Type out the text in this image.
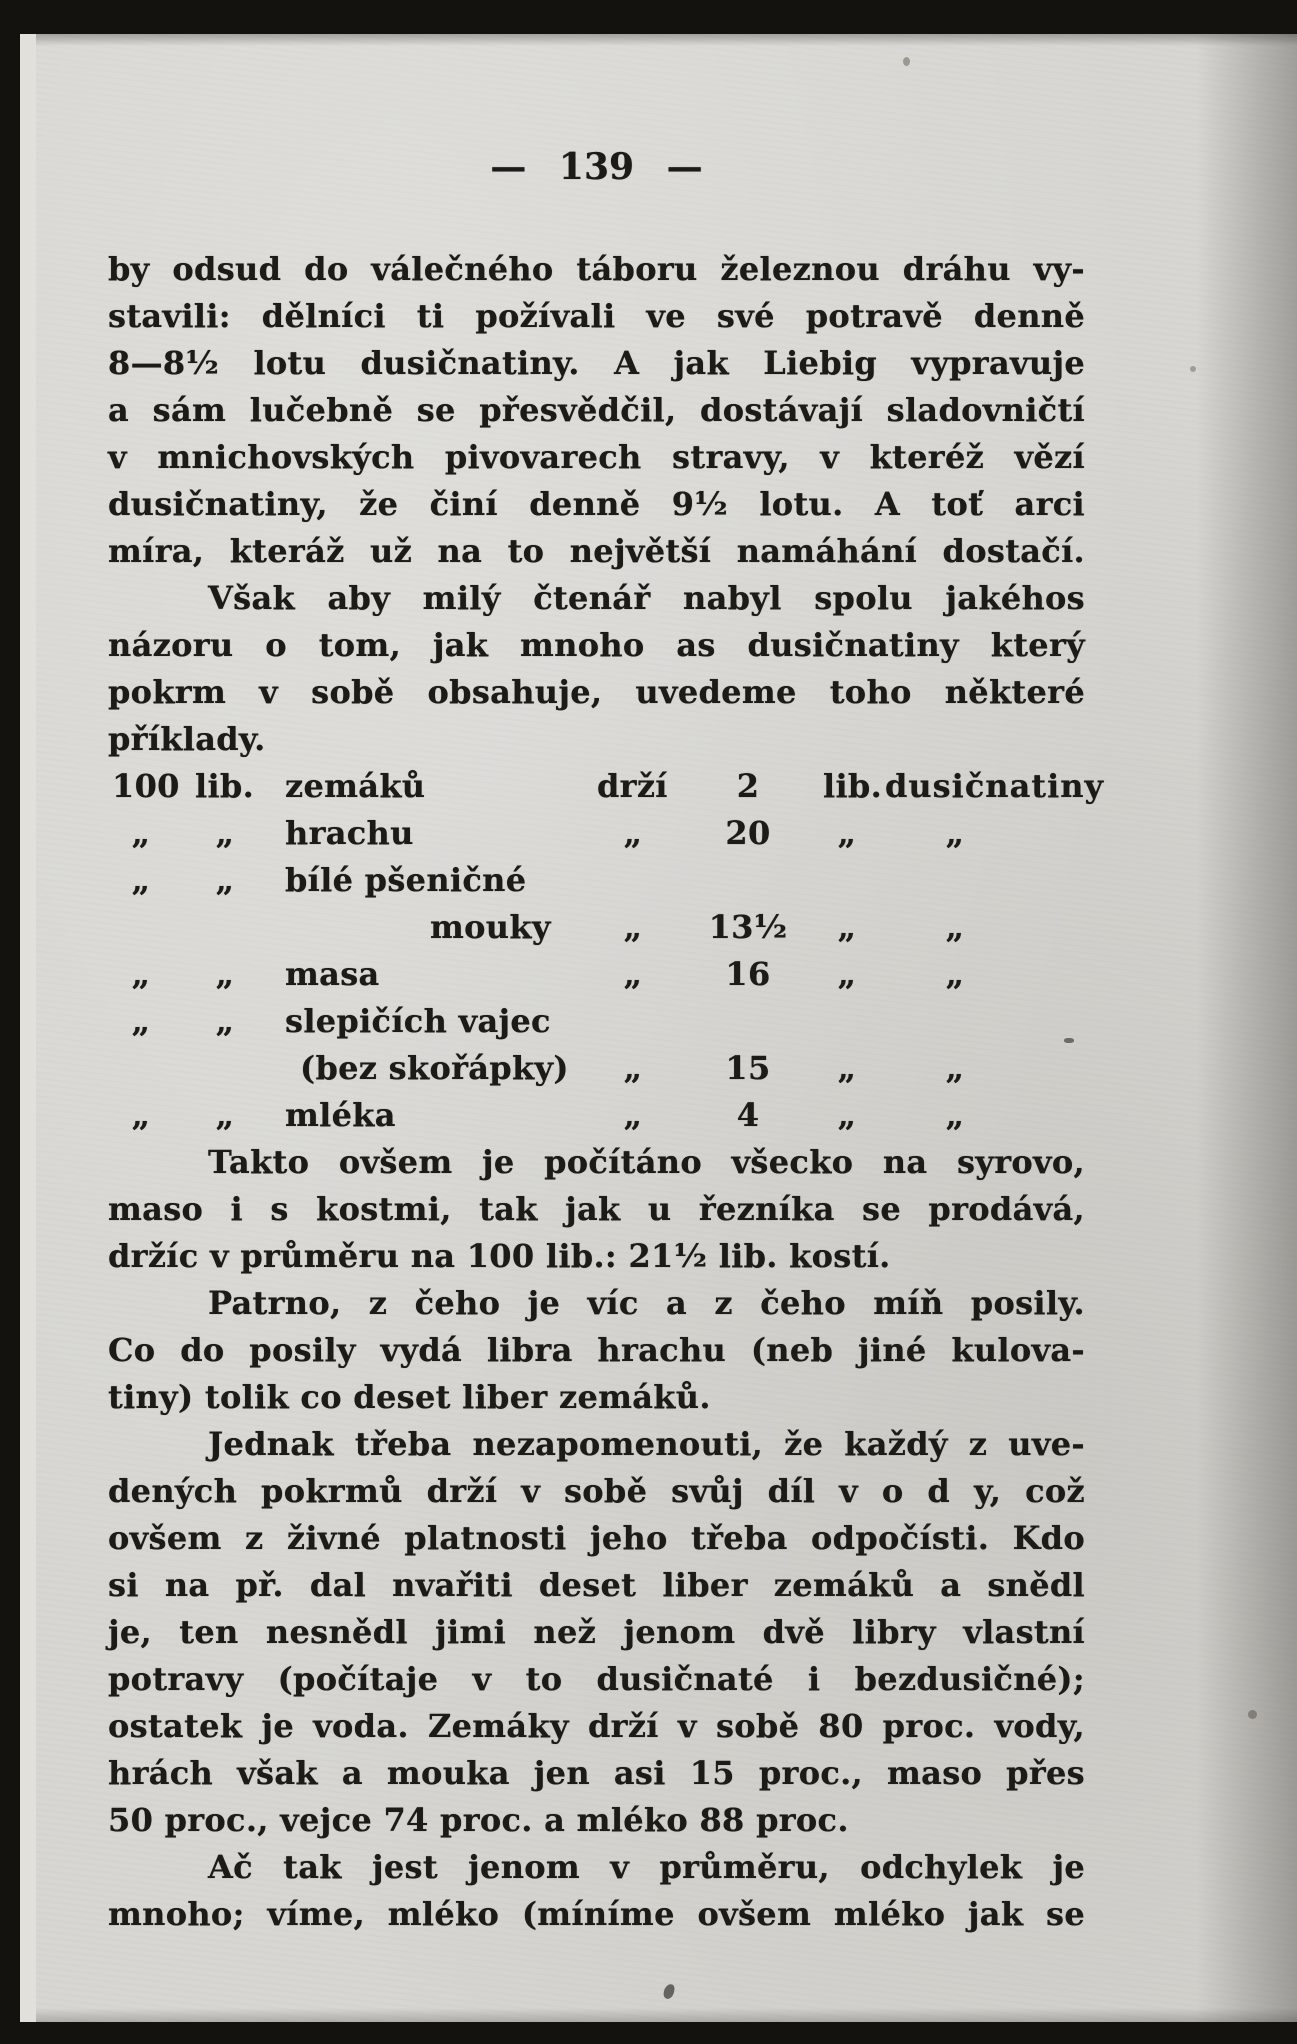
— 139 —
by odsud do válečného táboru železnou dráhu vy-
stavili: dělníci ti požívali ve své potravě denně
8—8½ lotu dusičnatiny. A jak Liebig vypravuje
a sám lučebně se přesvědčil, dostávají sladovničtí
v mnichovských pivovarech stravy, v kteréž vězí
dusičnatiny, že činí denně 9½ lotu. A toť arci
míra, kteráž už na to největší namáhání dostačí.
Však aby milý čtenář nabyl spolu jakéhos
názoru o tom, jak mnoho as dusičnatiny který
pokrm v sobě obsahuje, uvedeme toho některé
příklady.
100 lib. zemáků	drží	2	lib. dusičnatiny
„	„	hrachu	„	20	„	„
„	„	bílé pšeničné
mouky	„	13½	„	„
„	„	masa	„	16	„	„
„	„	slepičích vajec
(bez skořápky)	„	15	„	„
„	„	mléka	„	4	„	„
Takto ovšem je počítáno všecko na syrovo,
maso i s kostmi, tak jak u řezníka se prodává,
držíc v průměru na 100 lib.: 21½ lib. kostí.
Patrno, z čeho je víc a z čeho míň posily.
Co do posily vydá libra hrachu (neb jiné kulova-
tiny) tolik co deset liber zemáků.
Jednak třeba nezapomenouti, že každý z uve-
dených pokrmů drží v sobě svůj díl v o d y, což
ovšem z živné platnosti jeho třeba odpočísti. Kdo
si na př. dal nvařiti deset liber zemáků a snědl
je, ten nesnědl jimi než jenom dvě libry vlastní
potravy (počítaje v to dusičnaté i bezdusičné);
ostatek je voda. Zemáky drží v sobě 80 proc. vody,
hrách však a mouka jen asi 15 proc., maso přes
50 proc., vejce 74 proc. a mléko 88 proc.
Ač tak jest jenom v průměru, odchylek je
mnoho; víme, mléko (míníme ovšem mléko jak se
